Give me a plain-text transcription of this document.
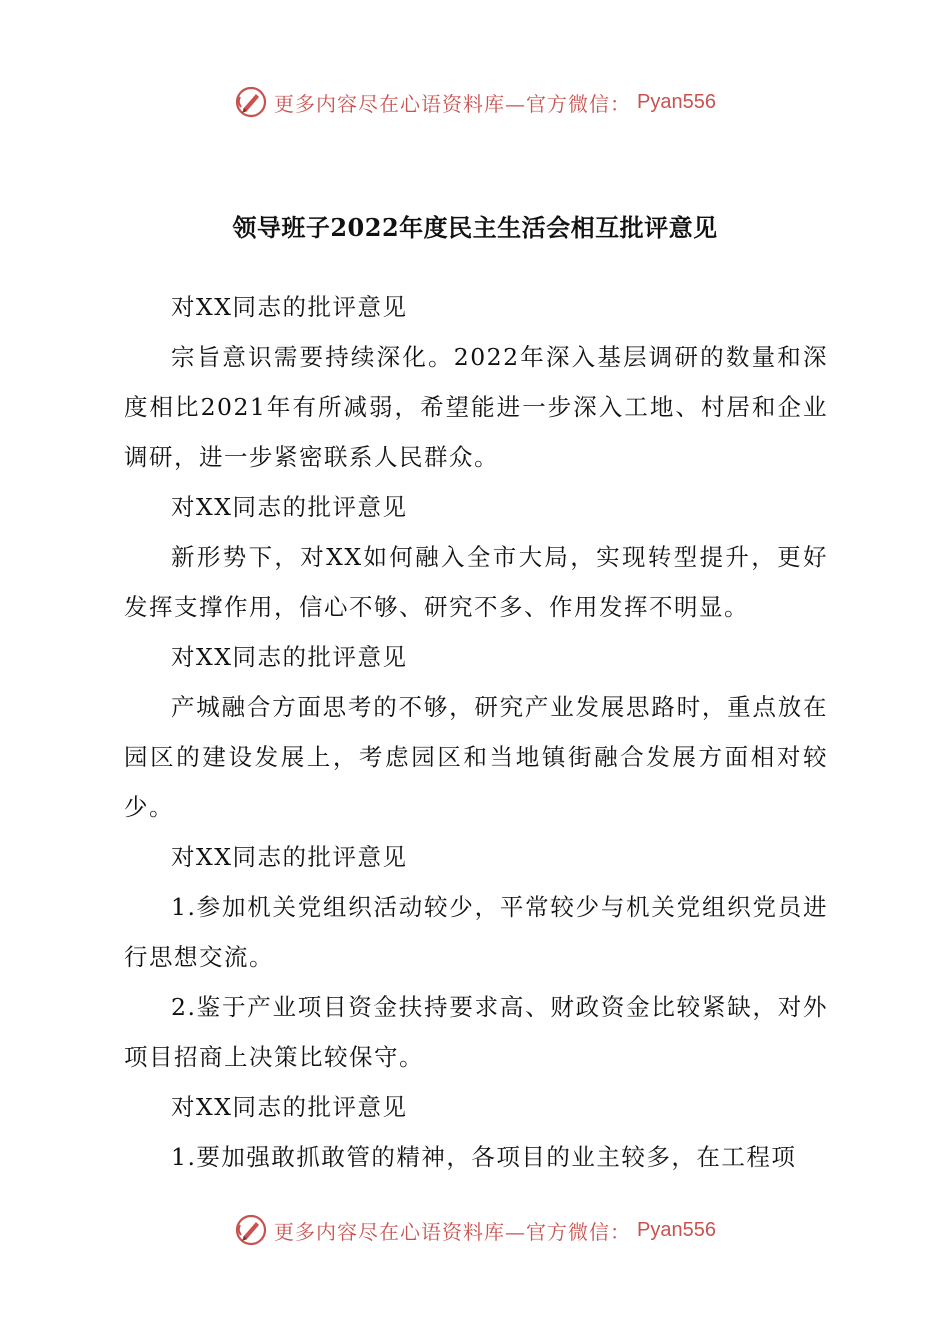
更多内容尽在心语资料库—官方微信： Pyan556
领导班子2022年度民主生活会相互批评意见

对XX同志的批评意见

宗旨意识需要持续深化。2022年深入基层调研的数量和深度相比2021年有所减弱，希望能进一步深入工地、村居和企业调研，进一步紧密联系人民群众。

对XX同志的批评意见

新形势下，对XX如何融入全市大局，实现转型提升，更好发挥支撑作用，信心不够、研究不多、作用发挥不明显。

对XX同志的批评意见

产城融合方面思考的不够，研究产业发展思路时，重点放在园区的建设发展上，考虑园区和当地镇街融合发展方面相对较少。

对XX同志的批评意见

1.参加机关党组织活动较少，平常较少与机关党组织党员进行思想交流。

2.鉴于产业项目资金扶持要求高、财政资金比较紧缺，对外项目招商上决策比较保守。

对XX同志的批评意见

1.要加强敢抓敢管的精神，各项目的业主较多，在工程项

更多内容尽在心语资料库—官方微信： Pyan556
